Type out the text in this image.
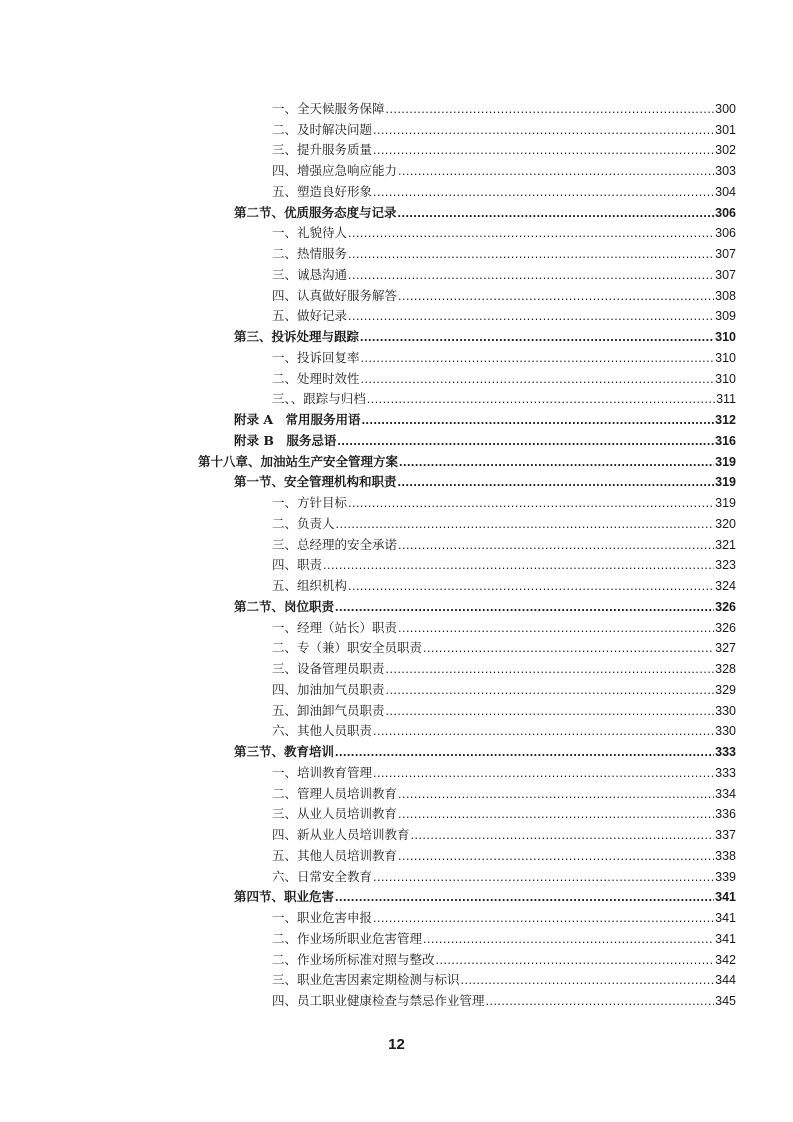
一、全天候服务保障 .....	300
二、及时解决问题 .....	301
三、提升服务质量 .....	302
四、增强应急响应能力 .....	303
五、塑造良好形象 .....	304
第二节、优质服务态度与记录 .....	306
一、礼貌待人 .....	306
二、热情服务 .....	307
三、诚恳沟通 .....	307
四、认真做好服务解答 .....	308
五、做好记录 .....	309
第三、投诉处理与跟踪 .....	310
一、投诉回复率 .....	310
二、处理时效性 .....	310
三、、跟踪与归档 .....	311
附录 A　常用服务用语 .....	312
附录 B　服务忌语 .....	316
第十八章、加油站生产安全管理方案 .....	319
第一节、安全管理机构和职责 .....	319
一、方针目标 .....	319
二、负责人 .....	320
三、总经理的安全承诺 .....	321
四、职责 .....	323
五、组织机构 .....	324
第二节、岗位职责 .....	326
一、经理（站长）职责 .....	326
二、专（兼）职安全员职责 .....	327
三、设备管理员职责 .....	328
四、加油加气员职责 .....	329
五、卸油卸气员职责 .....	330
六、其他人员职责 .....	330
第三节、教育培训 .....	333
一、培训教育管理 .....	333
二、管理人员培训教育 .....	334
三、从业人员培训教育 .....	336
四、新从业人员培训教育 .....	337
五、其他人员培训教育 .....	338
六、日常安全教育 .....	339
第四节、职业危害 .....	341
一、职业危害申报 .....	341
二、作业场所职业危害管理 .....	341
二、作业场所标准对照与整改 .....	342
三、职业危害因素定期检测与标识 .....	344
四、员工职业健康检查与禁忌作业管理 .....	345
12
